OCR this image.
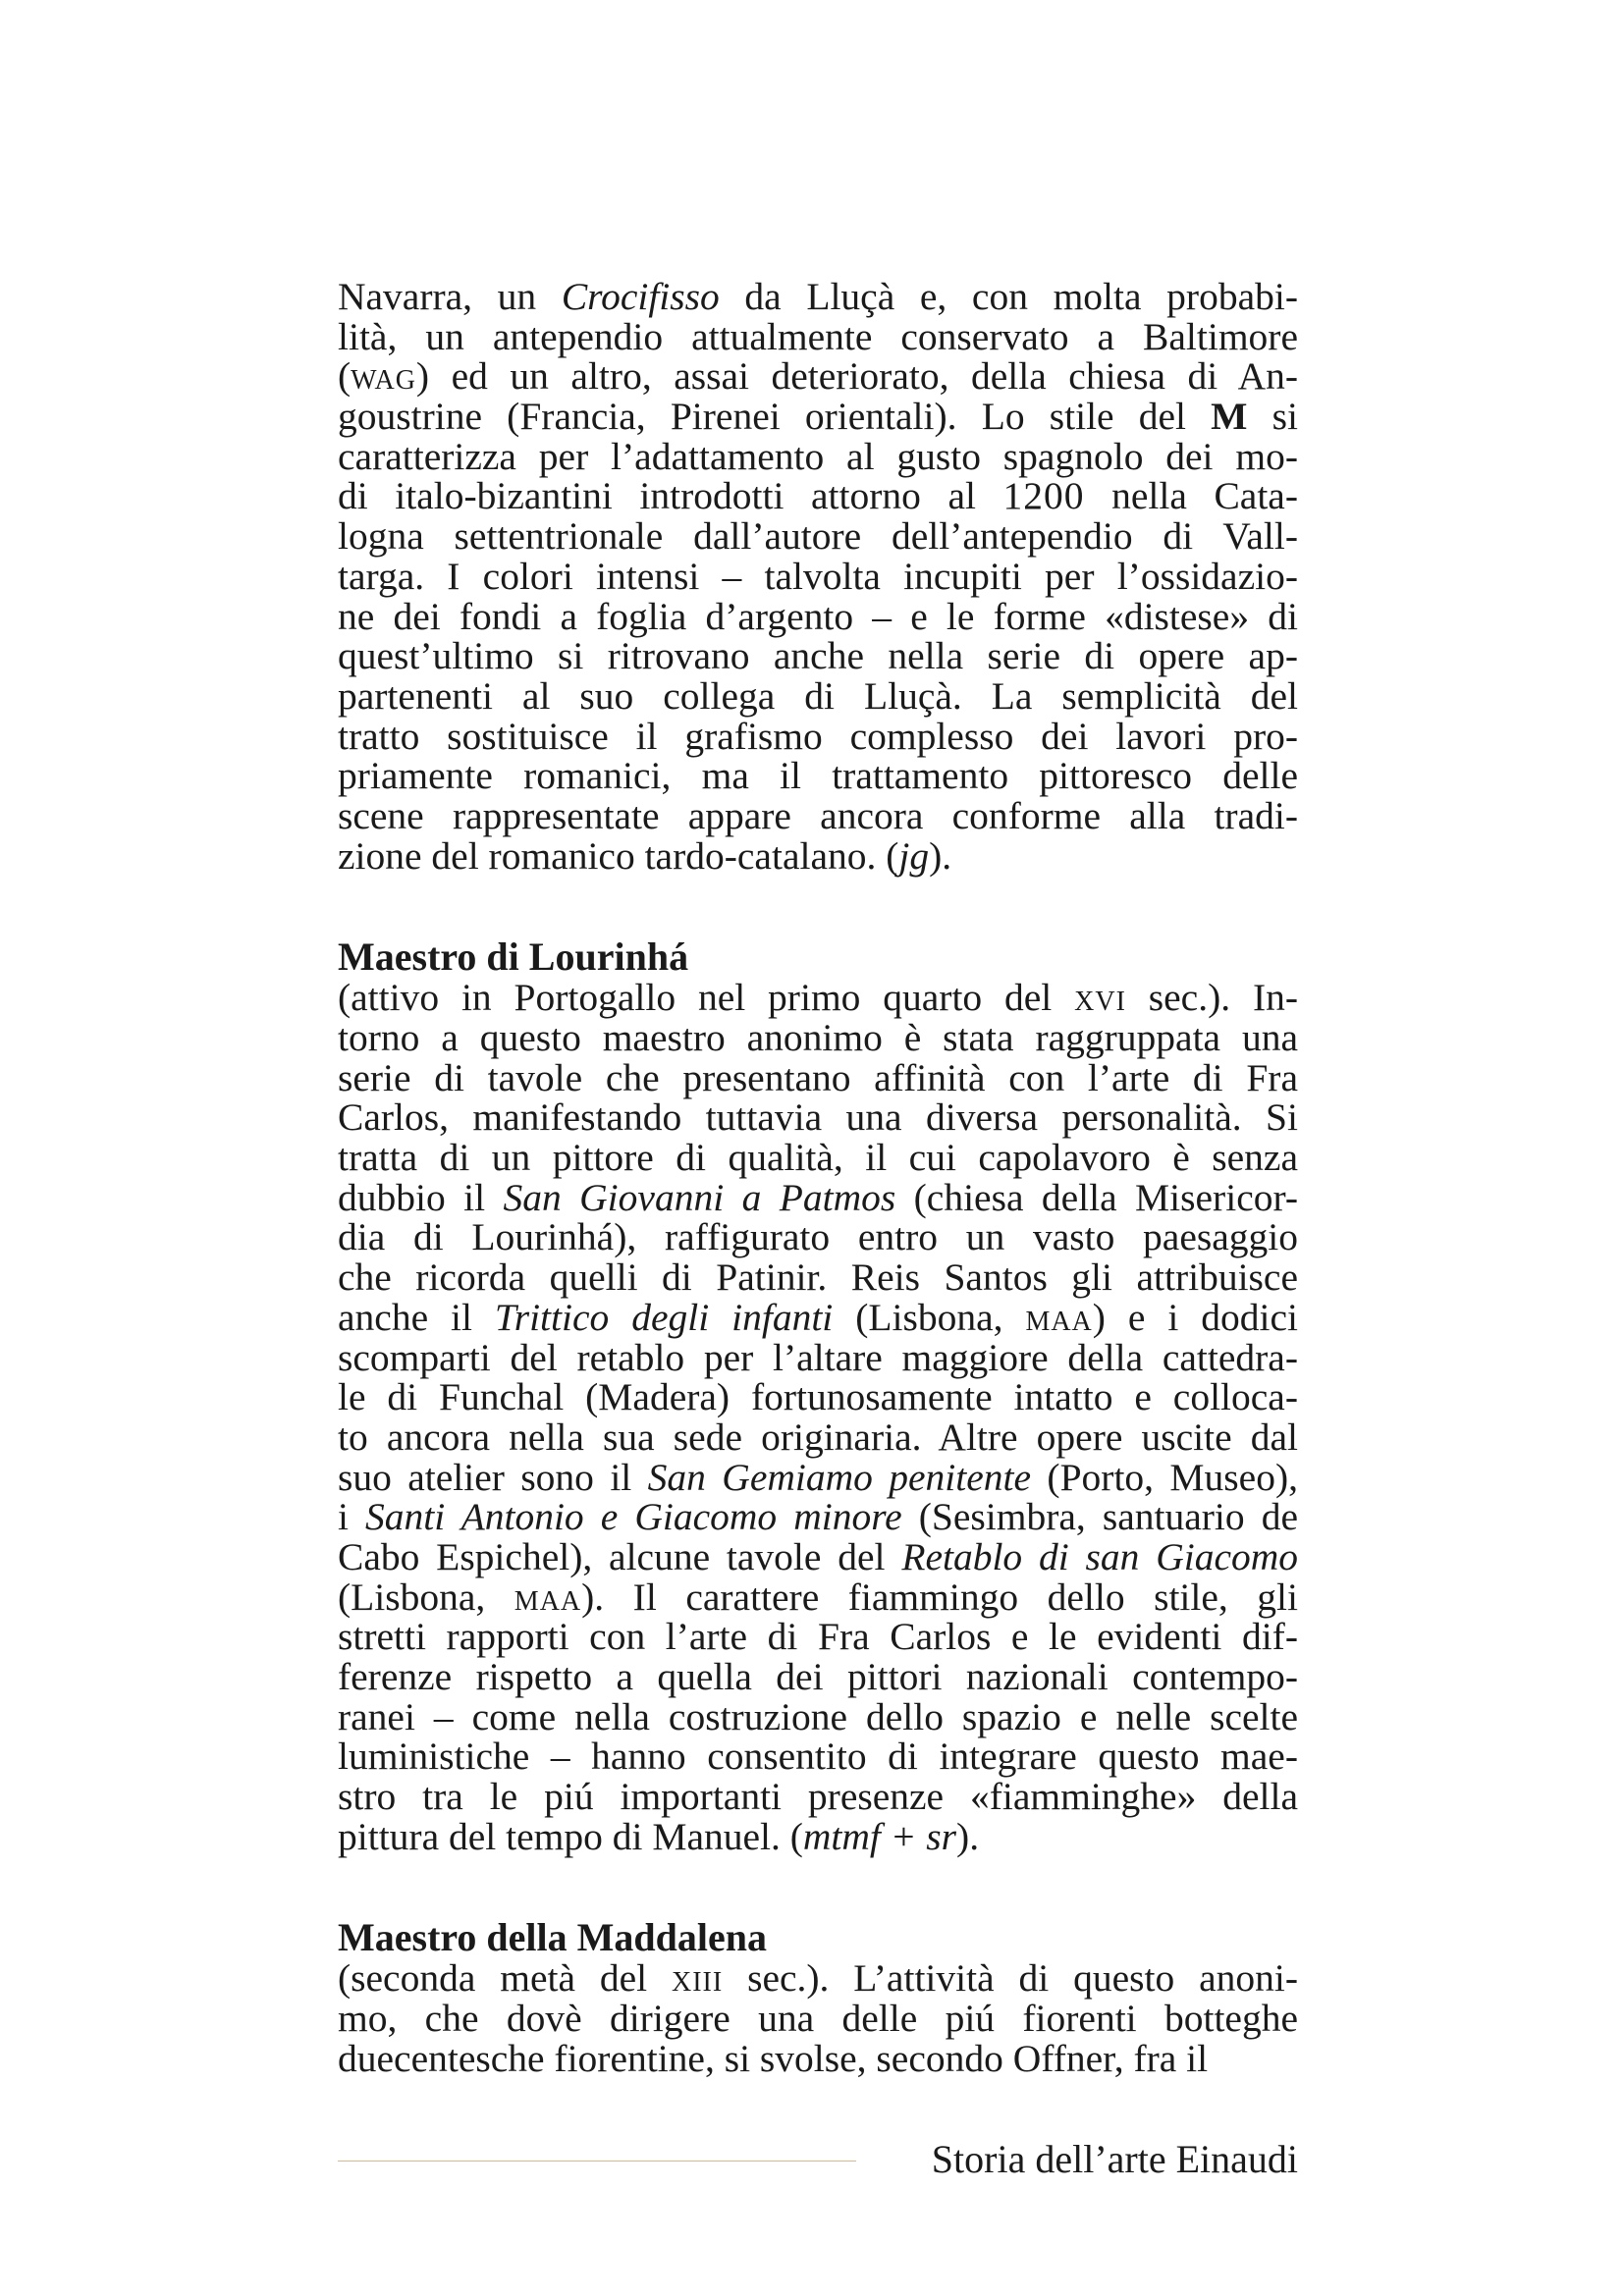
Navarra, un Crocifisso da Lluçà e, con molta probabi-
lità, un antependio attualmente conservato a Baltimore
(wag) ed un altro, assai deteriorato, della chiesa di An-
goustrine (Francia, Pirenei orientali). Lo stile del M si
caratterizza per l’adattamento al gusto spagnolo dei mo-
di italo-bizantini introdotti attorno al 1200 nella Cata-
logna settentrionale dall’autore dell’antependio di Vall-
targa. I colori intensi – talvolta incupiti per l’ossidazio-
ne dei fondi a foglia d’argento – e le forme «distese» di
quest’ultimo si ritrovano anche nella serie di opere ap-
partenenti al suo collega di Lluçà. La semplicità del
tratto sostituisce il grafismo complesso dei lavori pro-
priamente romanici, ma il trattamento pittoresco delle
scene rappresentate appare ancora conforme alla tradi-
zione del romanico tardo-catalano. (jg).
Maestro di Lourinhá
(attivo in Portogallo nel primo quarto del xvi sec.). In-
torno a questo maestro anonimo è stata raggruppata una
serie di tavole che presentano affinità con l’arte di Fra
Carlos, manifestando tuttavia una diversa personalità. Si
tratta di un pittore di qualità, il cui capolavoro è senza
dubbio il San Giovanni a Patmos (chiesa della Misericor-
dia di Lourinhá), raffigurato entro un vasto paesaggio
che ricorda quelli di Patinir. Reis Santos gli attribuisce
anche il Trittico degli infanti (Lisbona, maa) e i dodici
scomparti del retablo per l’altare maggiore della cattedra-
le di Funchal (Madera) fortunosamente intatto e colloca-
to ancora nella sua sede originaria. Altre opere uscite dal
suo atelier sono il San Gemiamo penitente (Porto, Museo),
i Santi Antonio e Giacomo minore (Sesimbra, santuario de
Cabo Espichel), alcune tavole del Retablo di san Giacomo
(Lisbona, maa). Il carattere fiammingo dello stile, gli
stretti rapporti con l’arte di Fra Carlos e le evidenti dif-
ferenze rispetto a quella dei pittori nazionali contempo-
ranei – come nella costruzione dello spazio e nelle scelte
luministiche – hanno consentito di integrare questo mae-
stro tra le piú importanti presenze «fiamminghe» della
pittura del tempo di Manuel. (mtmf + sr).
Maestro della Maddalena
(seconda metà del xiii sec.). L’attività di questo anoni-
mo, che dovè dirigere una delle piú fiorenti botteghe
duecentesche fiorentine, si svolse, secondo Offner, fra il
Storia dell’arte Einaudi
